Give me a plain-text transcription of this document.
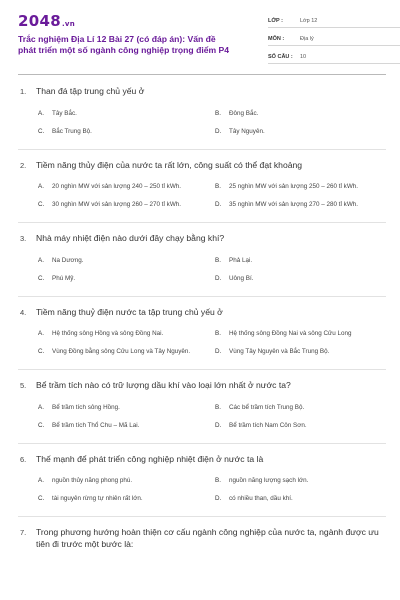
2048.vn
Trắc nghiệm Địa Lí 12 Bài 27 (có đáp án): Vấn đề phát triển một số ngành công nghiệp trọng điểm P4
LỚP :	Lớp 12
MÔN :	Địa lý
SỐ CÂU :	10
1.	Than đá tập trung chủ yếu ở
A.	Tây Bắc.	B.	Đông Bắc.
C.	Bắc Trung Bộ.	D.	Tây Nguyên.
2.	Tiềm năng thủy điện của nước ta rất lớn, công suất có thể đạt khoảng
A.	20 nghìn MW với sản lượng 240 – 250 tỉ kWh.	B.	25 nghìn MW với sản lượng 250 – 260 tỉ kWh.
C.	30 nghìn MW với sản lượng 260 – 270 tỉ kWh.	D.	35 nghìn MW với sản lượng 270 – 280 tỉ kWh.
3.	Nhà máy nhiệt điện nào dưới đây chạy bằng khí?
A.	Na Dương.	B.	Phả Lại.
C.	Phú Mỹ.	D.	Uông Bí.
4.	Tiềm năng thuỷ điện nước ta tập trung chủ yếu ở
A.	Hệ thống sông Hồng và sông Đồng Nai.	B.	Hệ thống sông Đồng Nai và sông Cửu Long
C.	Vùng Đồng bằng sông Cửu Long và Tây Nguyên.	D.	Vùng Tây Nguyên và Bắc Trung Bộ.
5.	Bể trầm tích nào có trữ lượng dầu khí vào loại lớn nhất ở nước ta?
A.	Bể trầm tích sông Hồng.	B.	Các bể trầm tích Trung Bộ.
C.	Bể trầm tích Thổ Chu – Mã Lai.	D.	Bể trầm tích Nam Côn Sơn.
6.	Thế mạnh để phát triển công nghiệp nhiệt điện ở nước ta là
A.	nguồn thủy năng phong phú.	B.	nguồn năng lượng sạch lớn.
C.	tài nguyên rừng tự nhiên rất lớn.	D.	có nhiều than, dầu khí.
7.	Trong phương hướng hoàn thiện cơ cấu ngành công nghiệp của nước ta, ngành được ưu tiên đi trước một bước là:
